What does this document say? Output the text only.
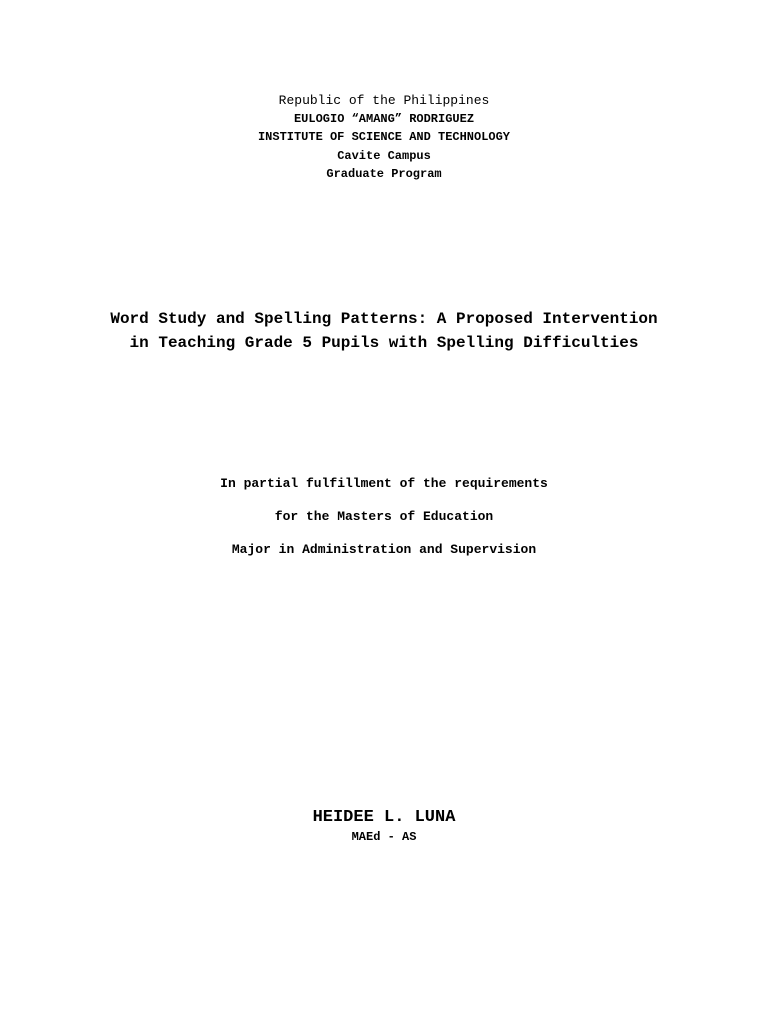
Republic of the Philippines
EULOGIO “AMANG” RODRIGUEZ
INSTITUTE OF SCIENCE AND TECHNOLOGY
Cavite Campus
Graduate Program
Word Study and Spelling Patterns: A Proposed Intervention
in Teaching Grade 5 Pupils with Spelling Difficulties
In partial fulfillment of the requirements
for the Masters of Education
Major in Administration and Supervision
HEIDEE L. LUNA
MAEd - AS
